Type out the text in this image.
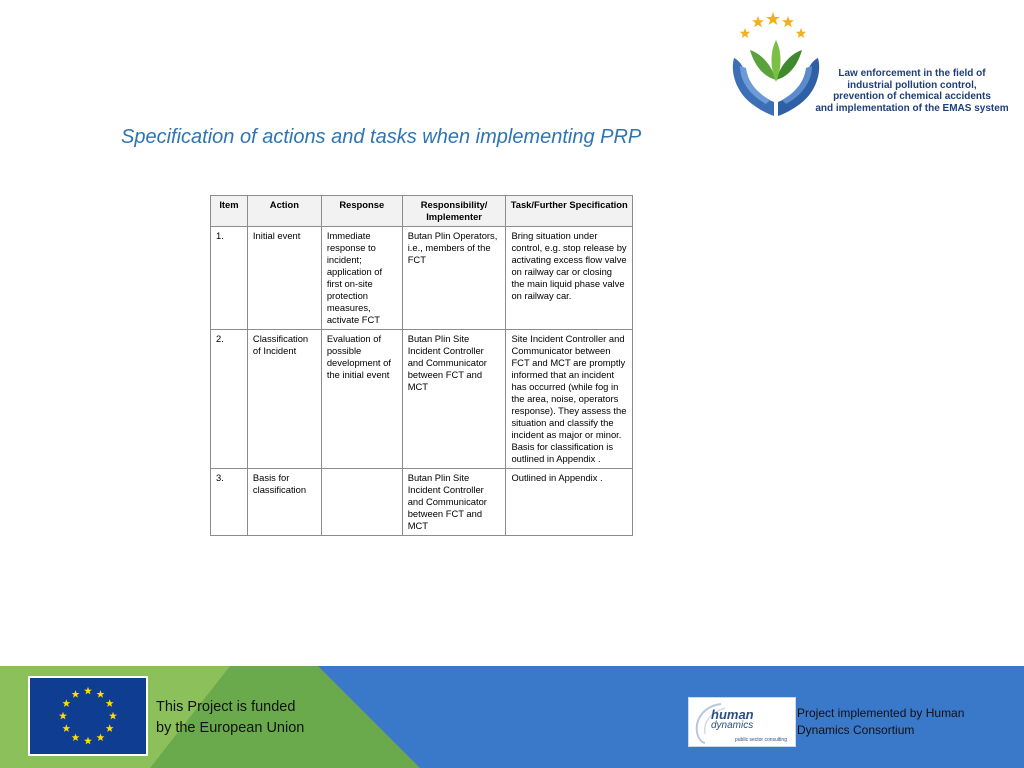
Law enforcement in the field of
industrial pollution control,
prevention of chemical accidents
and implementation of the EMAS system
Specification of actions and tasks when implementing PRP
Item	Action	Response	Responsibility/ Implementer	Task/Further Specification
1.	Initial event	Immediate response to incident; application of first on-site protection measures, activate FCT	Butan Plin Operators, i.e., members of the FCT	Bring situation under control, e.g. stop release by activating excess flow valve on railway car or closing the main liquid phase valve on railway car.
2.	Classification of Incident	Evaluation of possible development of the initial event	Butan Plin Site Incident Controller and Communicator between FCT and MCT	Site Incident Controller and Communicator between FCT and MCT are promptly informed that an incident has occurred (while fog in the area, noise, operators response). They assess the situation and classify the incident as major or minor. Basis for classification is outlined in Appendix .
3.	Basis for classification		Butan Plin Site Incident Controller and Communicator between FCT and MCT	Outlined in Appendix .
This Project is funded
by the European Union
human
dynamics
public sector consulting
Project implemented by Human Dynamics Consortium
